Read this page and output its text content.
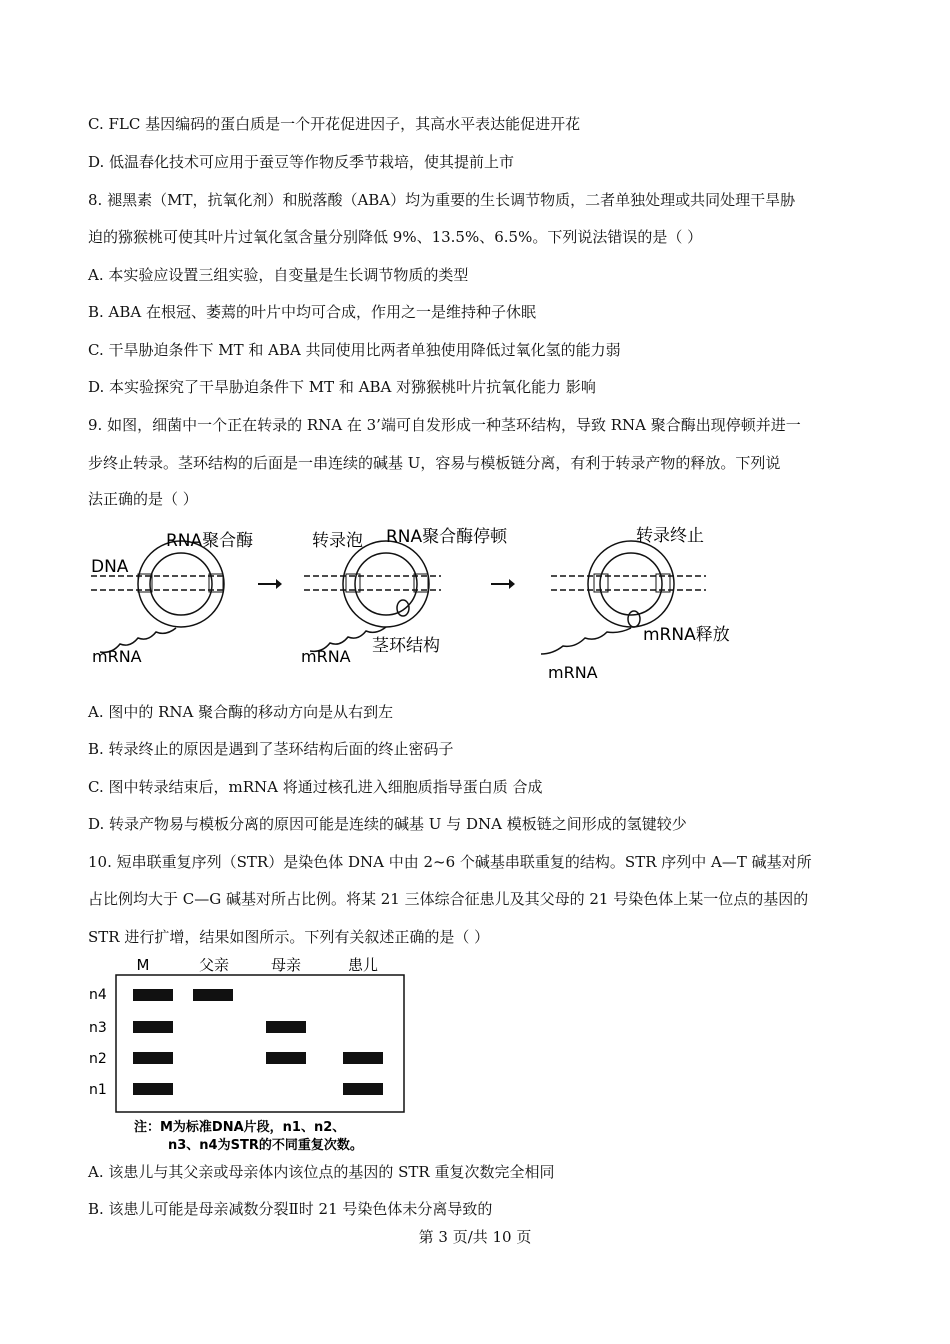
C. FLC 基因编码的蛋白质是一个开花促进因子，其高水平表达能促进开花
D. 低温春化技术可应用于蚕豆等作物反季节栽培，使其提前上市
8. 褪黑素（MT，抗氧化剂）和脱落酸（ABA）均为重要的生长调节物质，二者单独处理或共同处理干旱胁
迫的猕猴桃可使其叶片过氧化氢含量分别降低 9%、13.5%、6.5%。下列说法错误的是（ ）
A. 本实验应设置三组实验，自变量是生长调节物质的类型
B. ABA 在根冠、萎蔫的叶片中均可合成，作用之一是维持种子休眠
C. 干旱胁迫条件下 MT 和 ABA 共同使用比两者单独使用降低过氧化氢的能力弱
D. 本实验探究了干旱胁迫条件下 MT 和 ABA 对猕猴桃叶片抗氧化能力 影响
9. 如图，细菌中一个正在转录的 RNA 在 3’端可自发形成一种茎环结构，导致 RNA 聚合酶出现停顿并进一
步终止转录。茎环结构的后面是一串连续的碱基 U，容易与模板链分离，有利于转录产物的释放。下列说
法正确的是（ ）
DNA
RNA聚合酶
mRNA
转录泡 RNA聚合酶停顿
茎环结构
mRNA
转录终止
mRNA释放
mRNA
A. 图中的 RNA 聚合酶的移动方向是从右到左
B. 转录终止的原因是遇到了茎环结构后面的终止密码子
C. 图中转录结束后，mRNA 将通过核孔进入细胞质指导蛋白质 合成
D. 转录产物易与模板分离的原因可能是连续的碱基 U 与 DNA 模板链之间形成的氢键较少
10. 短串联重复序列（STR）是染色体 DNA 中由 2~6 个碱基串联重复的结构。STR 序列中 A—T 碱基对所
占比例均大于 C—G 碱基对所占比例。将某 21 三体综合征患儿及其父母的 21 号染色体上某一位点的基因的
STR 进行扩增，结果如图所示。下列有关叙述正确的是（ ）
M	父亲	母亲	患儿
n4
n3
n2
n1
注：M为标准DNA片段，n1、n2、
n3、n4为STR的不同重复次数。
A. 该患儿与其父亲或母亲体内该位点的基因的 STR 重复次数完全相同
B. 该患儿可能是母亲减数分裂Ⅱ时 21 号染色体未分离导致的
第 3 页/共 10 页
